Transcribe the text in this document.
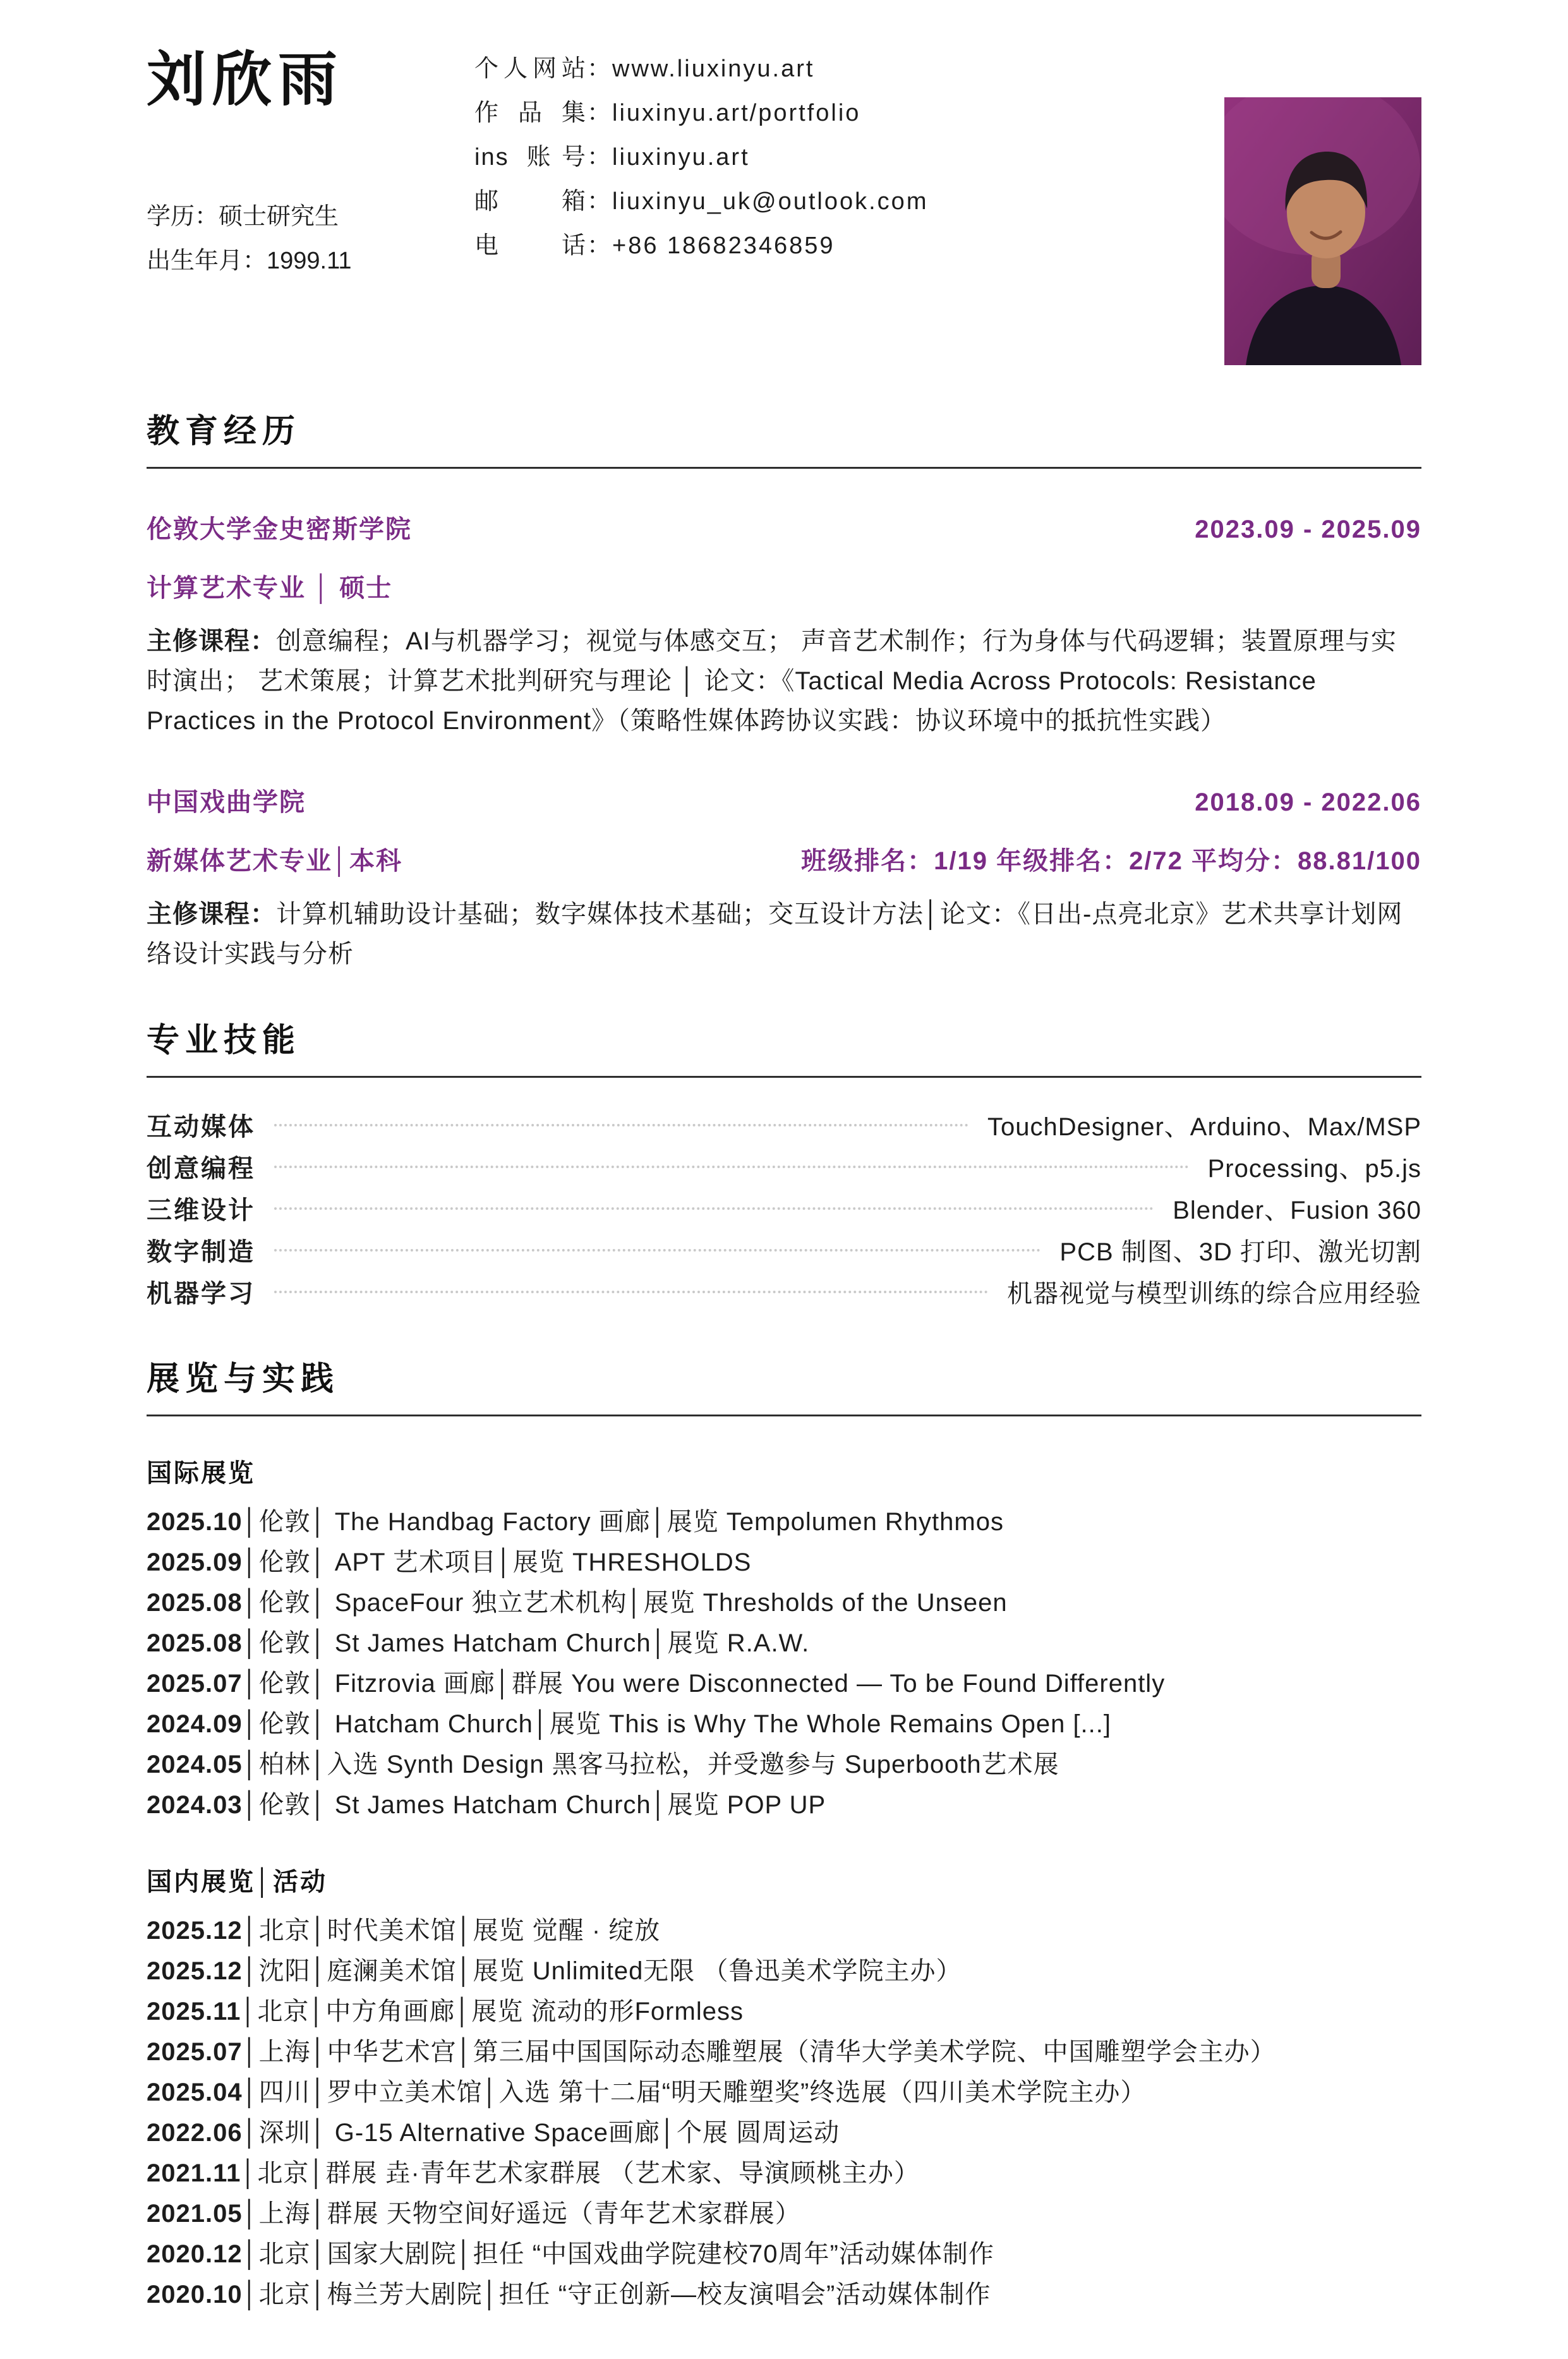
刘欣雨
学历：硕士研究生
出生年月：1999.11
个人网站 ： www.liuxinyu.art
作品集 ： liuxinyu.art/portfolio
ins 账号 ： liuxinyu.art
邮箱 ： liuxinyu_uk@outlook.com
电话 ： +86 18682346859
教育经历
伦敦大学金史密斯学院	2023.09 - 2025.09
计算艺术专业 │ 硕士

主修课程：创意编程；AI与机器学习；视觉与体感交互； 声音艺术制作；行为身体与代码逻辑；装置原理与实时演出； 艺术策展；计算艺术批判研究与理论 │ 论文：《Tactical Media Across Protocols: Resistance Practices in the Protocol Environment》（策略性媒体跨协议实践：协议环境中的抵抗性实践）

中国戏曲学院	2018.09 - 2022.06
新媒体艺术专业│本科	班级排名：1/19 年级排名：2/72 平均分：88.81/100

主修课程：计算机辅助设计基础；数字媒体技术基础；交互设计方法│论文：《日出-点亮北京》艺术共享计划网络设计实践与分析

专业技能
互动媒体	TouchDesigner、Arduino、Max/MSP
创意编程	Processing、p5.js
三维设计	Blender、Fusion 360
数字制造	PCB 制图、3D 打印、激光切割
机器学习	机器视觉与模型训练的综合应用经验
展览与实践
国际展览
2025.10│伦敦│ The Handbag Factory 画廊│展览 Tempolumen Rhythmos
2025.09│伦敦│ APT 艺术项目│展览 THRESHOLDS
2025.08│伦敦│ SpaceFour 独立艺术机构│展览 Thresholds of the Unseen
2025.08│伦敦│ St James Hatcham Church│展览 R.A.W.
2025.07│伦敦│ Fitzrovia 画廊│群展 You were Disconnected — To be Found Differently
2024.09│伦敦│ Hatcham Church│展览 This is Why The Whole Remains Open [...]
2024.05│柏林│入选 Synth Design 黑客马拉松，并受邀参与 Superbooth艺术展
2024.03│伦敦│ St James Hatcham Church│展览 POP UP
国内展览│活动
2025.12│北京│时代美术馆│展览 觉醒 · 绽放
2025.12│沈阳│庭澜美术馆│展览 Unlimited无限 （鲁迅美术学院主办）
2025.11│北京│中方角画廊│展览 流动的形Formless
2025.07│上海│中华艺术宫│第三届中国国际动态雕塑展（清华大学美术学院、中国雕塑学会主办）
2025.04│四川│罗中立美术馆│入选 第十二届“明天雕塑奖”终选展（四川美术学院主办）
2022.06│深圳│ G-15 Alternative Space画廊│个展 圆周运动
2021.11│北京│群展 垚·青年艺术家群展 （艺术家、导演顾桃主办）
2021.05│上海│群展 天物空间好遥远（青年艺术家群展）
2020.12│北京│国家大剧院│担任 “中国戏曲学院建校70周年”活动媒体制作
2020.10│北京│梅兰芳大剧院│担任 “守正创新—校友演唱会”活动媒体制作
